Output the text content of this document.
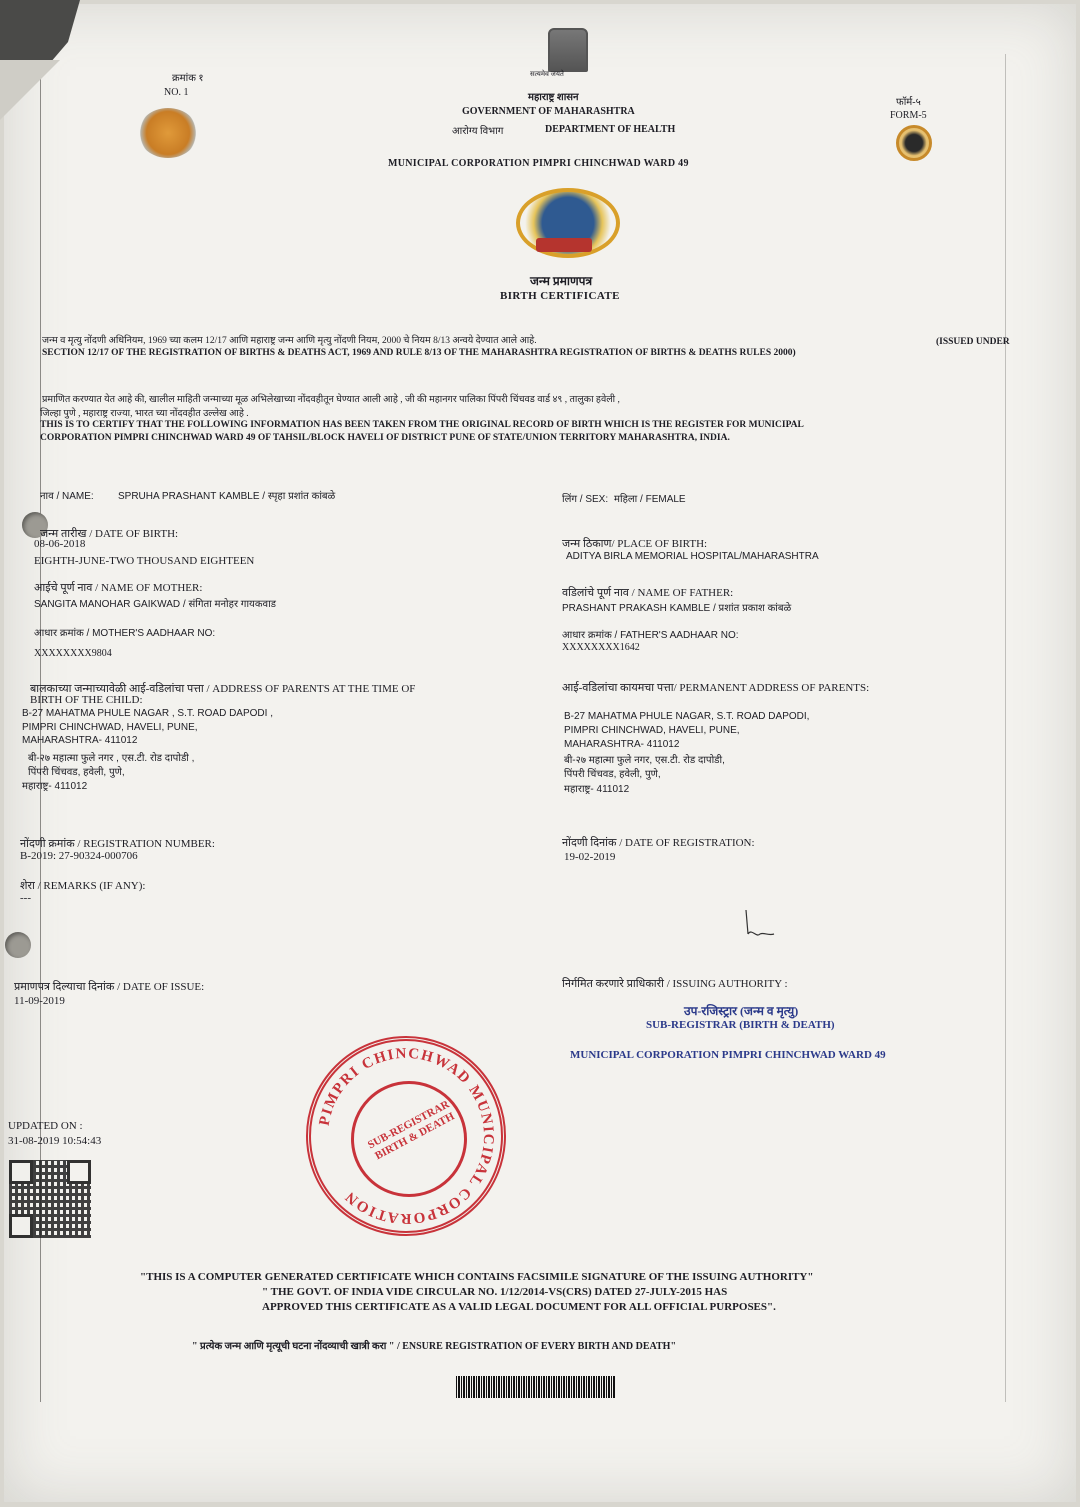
क्रमांक १
NO. 1
सत्यमेव जयते
महाराष्ट्र शासन
GOVERNMENT OF MAHARASHTRA
आरोग्य विभाग	DEPARTMENT OF HEALTH
फॉर्म-५
FORM-5
MUNICIPAL CORPORATION PIMPRI CHINCHWAD WARD 49
जन्म प्रमाणपत्र
BIRTH CERTIFICATE
जन्म व मृत्यु नोंदणी अधिनियम, 1969 च्या कलम 12/17 आणि महाराष्ट्र जन्म आणि मृत्यु नोंदणी नियम, 2000 चे नियम 8/13 अन्वये देण्यात आले आहे.	(ISSUED UNDER
SECTION 12/17 OF THE REGISTRATION OF BIRTHS & DEATHS ACT, 1969 AND RULE 8/13 OF THE MAHARASHTRA REGISTRATION OF BIRTHS & DEATHS RULES 2000)
प्रमाणित करण्यात येत आहे की, खालील माहिती जन्माच्या मूळ अभिलेखाच्या नोंदवहीतून घेण्यात आली आहे , जी की महानगर पालिका पिंपरी चिंचवड वार्ड ४९ , तालुका हवेली ,
जिल्हा पुणे , महाराष्ट्र राज्या, भारत च्या नोंदवहीत उल्लेख आहे .
THIS IS TO CERTIFY THAT THE FOLLOWING INFORMATION HAS BEEN TAKEN FROM THE ORIGINAL RECORD OF BIRTH WHICH IS THE REGISTER FOR MUNICIPAL
CORPORATION PIMPRI CHINCHWAD WARD 49 OF TAHSIL/BLOCK HAVELI OF DISTRICT PUNE OF STATE/UNION TERRITORY MAHARASHTRA, INDIA.
नाव / NAME: SPRUHA PRASHANT KAMBLE / स्पृहा प्रशांत कांबळे	लिंग / SEX: महिला / FEMALE
जन्म तारीख / DATE OF BIRTH:
08-06-2018
EIGHTH-JUNE-TWO THOUSAND EIGHTEEN
जन्म ठिकाण/ PLACE OF BIRTH:
ADITYA BIRLA MEMORIAL HOSPITAL/MAHARASHTRA
आईचे पूर्ण नाव / NAME OF MOTHER:
SANGITA MANOHAR GAIKWAD / संगिता मनोहर गायकवाड
वडिलांचे पूर्ण नाव / NAME OF FATHER:
PRASHANT PRAKASH KAMBLE / प्रशांत प्रकाश कांबळे
आधार क्रमांक / MOTHER'S AADHAAR NO:
XXXXXXXX9804
आधार क्रमांक / FATHER'S AADHAAR NO:
XXXXXXXX1642
बालकाच्या जन्माच्यावेळी आई-वडिलांचा पत्ता / ADDRESS OF PARENTS AT THE TIME OF
BIRTH OF THE CHILD:
B-27 MAHATMA PHULE NAGAR , S.T. ROAD DAPODI ,
PIMPRI CHINCHWAD, HAVELI, PUNE,
MAHARASHTRA- 411012
बी-२७ महात्मा फुले नगर , एस.टी. रोड दापोडी ,
पिंपरी चिंचवड, हवेली, पुणे,
महाराष्ट्र- 411012
आई-वडिलांचा कायमचा पत्ता/ PERMANENT ADDRESS OF PARENTS:
B-27 MAHATMA PHULE NAGAR, S.T. ROAD DAPODI,
PIMPRI CHINCHWAD, HAVELI, PUNE,
MAHARASHTRA- 411012
बी-२७ महात्मा फुले नगर, एस.टी. रोड दापोडी,
पिंपरी चिंचवड, हवेली, पुणे,
महाराष्ट्र- 411012
नोंदणी क्रमांक / REGISTRATION NUMBER:
B-2019: 27-90324-000706
नोंदणी दिनांक / DATE OF REGISTRATION:
19-02-2019
शेरा / REMARKS (IF ANY):
---
प्रमाणपत्र दिल्याचा दिनांक / DATE OF ISSUE:
11-09-2019
निर्गमित करणारे प्राधिकारी / ISSUING AUTHORITY :
उप-रजिस्ट्रार (जन्म व मृत्यु)
SUB-REGISTRAR (BIRTH & DEATH)
MUNICIPAL CORPORATION PIMPRI CHINCHWAD WARD 49
PIMPRI CHINCHWAD MUNICIPAL CORPORATION
SUB-REGISTRAR BIRTH & DEATH
UPDATED ON :
31-08-2019 10:54:43
"THIS IS A COMPUTER GENERATED CERTIFICATE WHICH CONTAINS FACSIMILE SIGNATURE OF THE ISSUING AUTHORITY"
" THE GOVT. OF INDIA VIDE CIRCULAR NO. 1/12/2014-VS(CRS) DATED 27-JULY-2015 HAS
APPROVED THIS CERTIFICATE AS A VALID LEGAL DOCUMENT FOR ALL OFFICIAL PURPOSES".
" प्रत्येक जन्म आणि मृत्यूची घटना नोंदव्याची खात्री करा " / ENSURE REGISTRATION OF EVERY BIRTH AND DEATH"
